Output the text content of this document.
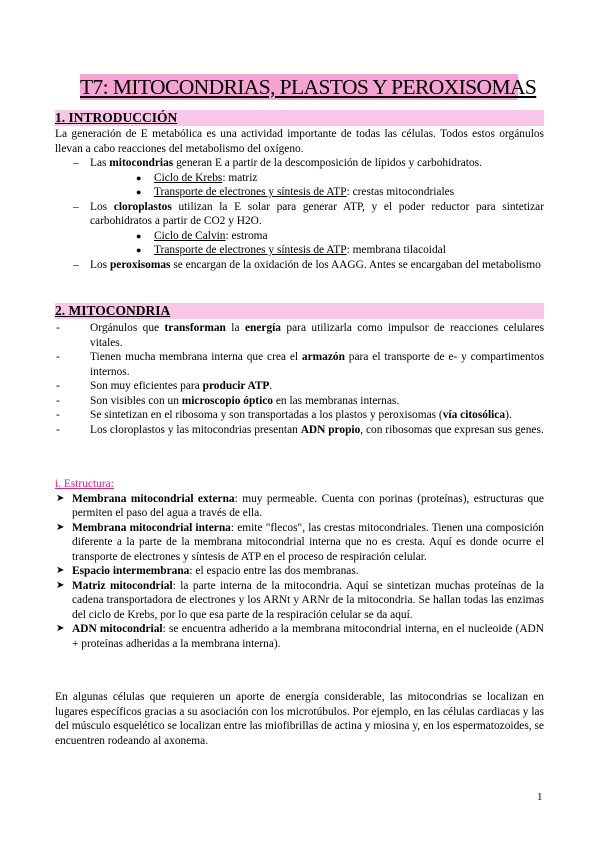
T7: MITOCONDRIAS, PLASTOS Y PEROXISOMAS
1. INTRODUCCIÓN

La generación de E metabólica es una actividad importante de todas las células. Todos estos orgánulos llevan a cabo reacciones del metabolismo del oxígeno.

– Las mitocondrias generan E a partir de la descomposición de lípidos y carbohidratos.
● Ciclo de Krebs: matriz
● Transporte de electrones y síntesis de ATP: crestas mitocondriales
– Los cloroplastos utilizan la E solar para generar ATP, y el poder reductor para sintetizar carbohidratos a partir de CO2 y H2O.
● Ciclo de Calvin: estroma
● Transporte de electrones y síntesis de ATP: membrana tilacoidal
– Los peroxisomas se encargan de la oxidación de los AAGG. Antes se encargaban del metabolismo
2. MITOCONDRIA
-	Orgánulos que transforman la energía para utilizarla como impulsor de reacciones celulares vitales.
-	Tienen mucha membrana interna que crea el armazón para el transporte de e- y compartimentos internos.
-	Son muy eficientes para producir ATP.
-	Son visibles con un microscopio óptico en las membranas internas.
-	Se sintetizan en el ribosoma y son transportadas a los plastos y peroxisomas (vía citosólica).
-	Los cloroplastos y las mitocondrias presentan ADN propio, con ribosomas que expresan sus genes.

i. Estructura:

➤ Membrana mitocondrial externa: muy permeable. Cuenta con porinas (proteínas), estructuras que permiten el paso del agua a través de ella.
➤ Membrana mitocondrial interna: emite "flecos", las crestas mitocondriales. Tienen una composición diferente a la parte de la membrana mitocondrial interna que no es cresta. Aquí es donde ocurre el transporte de electrones y síntesis de ATP en el proceso de respiración celular.
➤ Espacio intermembrana: el espacio entre las dos membranas.
➤ Matriz mitocondrial: la parte interna de la mitocondria. Aquí se sintetizan muchas proteínas de la cadena transportadora de electrones y los ARNt y ARNr de la mitocondria. Se hallan todas las enzimas del ciclo de Krebs, por lo que esa parte de la respiración celular se da aquí.
➤ ADN mitocondrial: se encuentra adherido a la membrana mitocondrial interna, en el nucleoide (ADN + proteínas adheridas a la membrana interna).

En algunas células que requieren un aporte de energía considerable, las mitocondrias se localizan en lugares específicos gracias a su asociación con los microtúbulos. Por ejemplo, en las células cardiacas y las del músculo esquelético se localizan entre las miofibrillas de actina y miosina y, en los espermatozoides, se encuentren rodeando al axonema.

1
